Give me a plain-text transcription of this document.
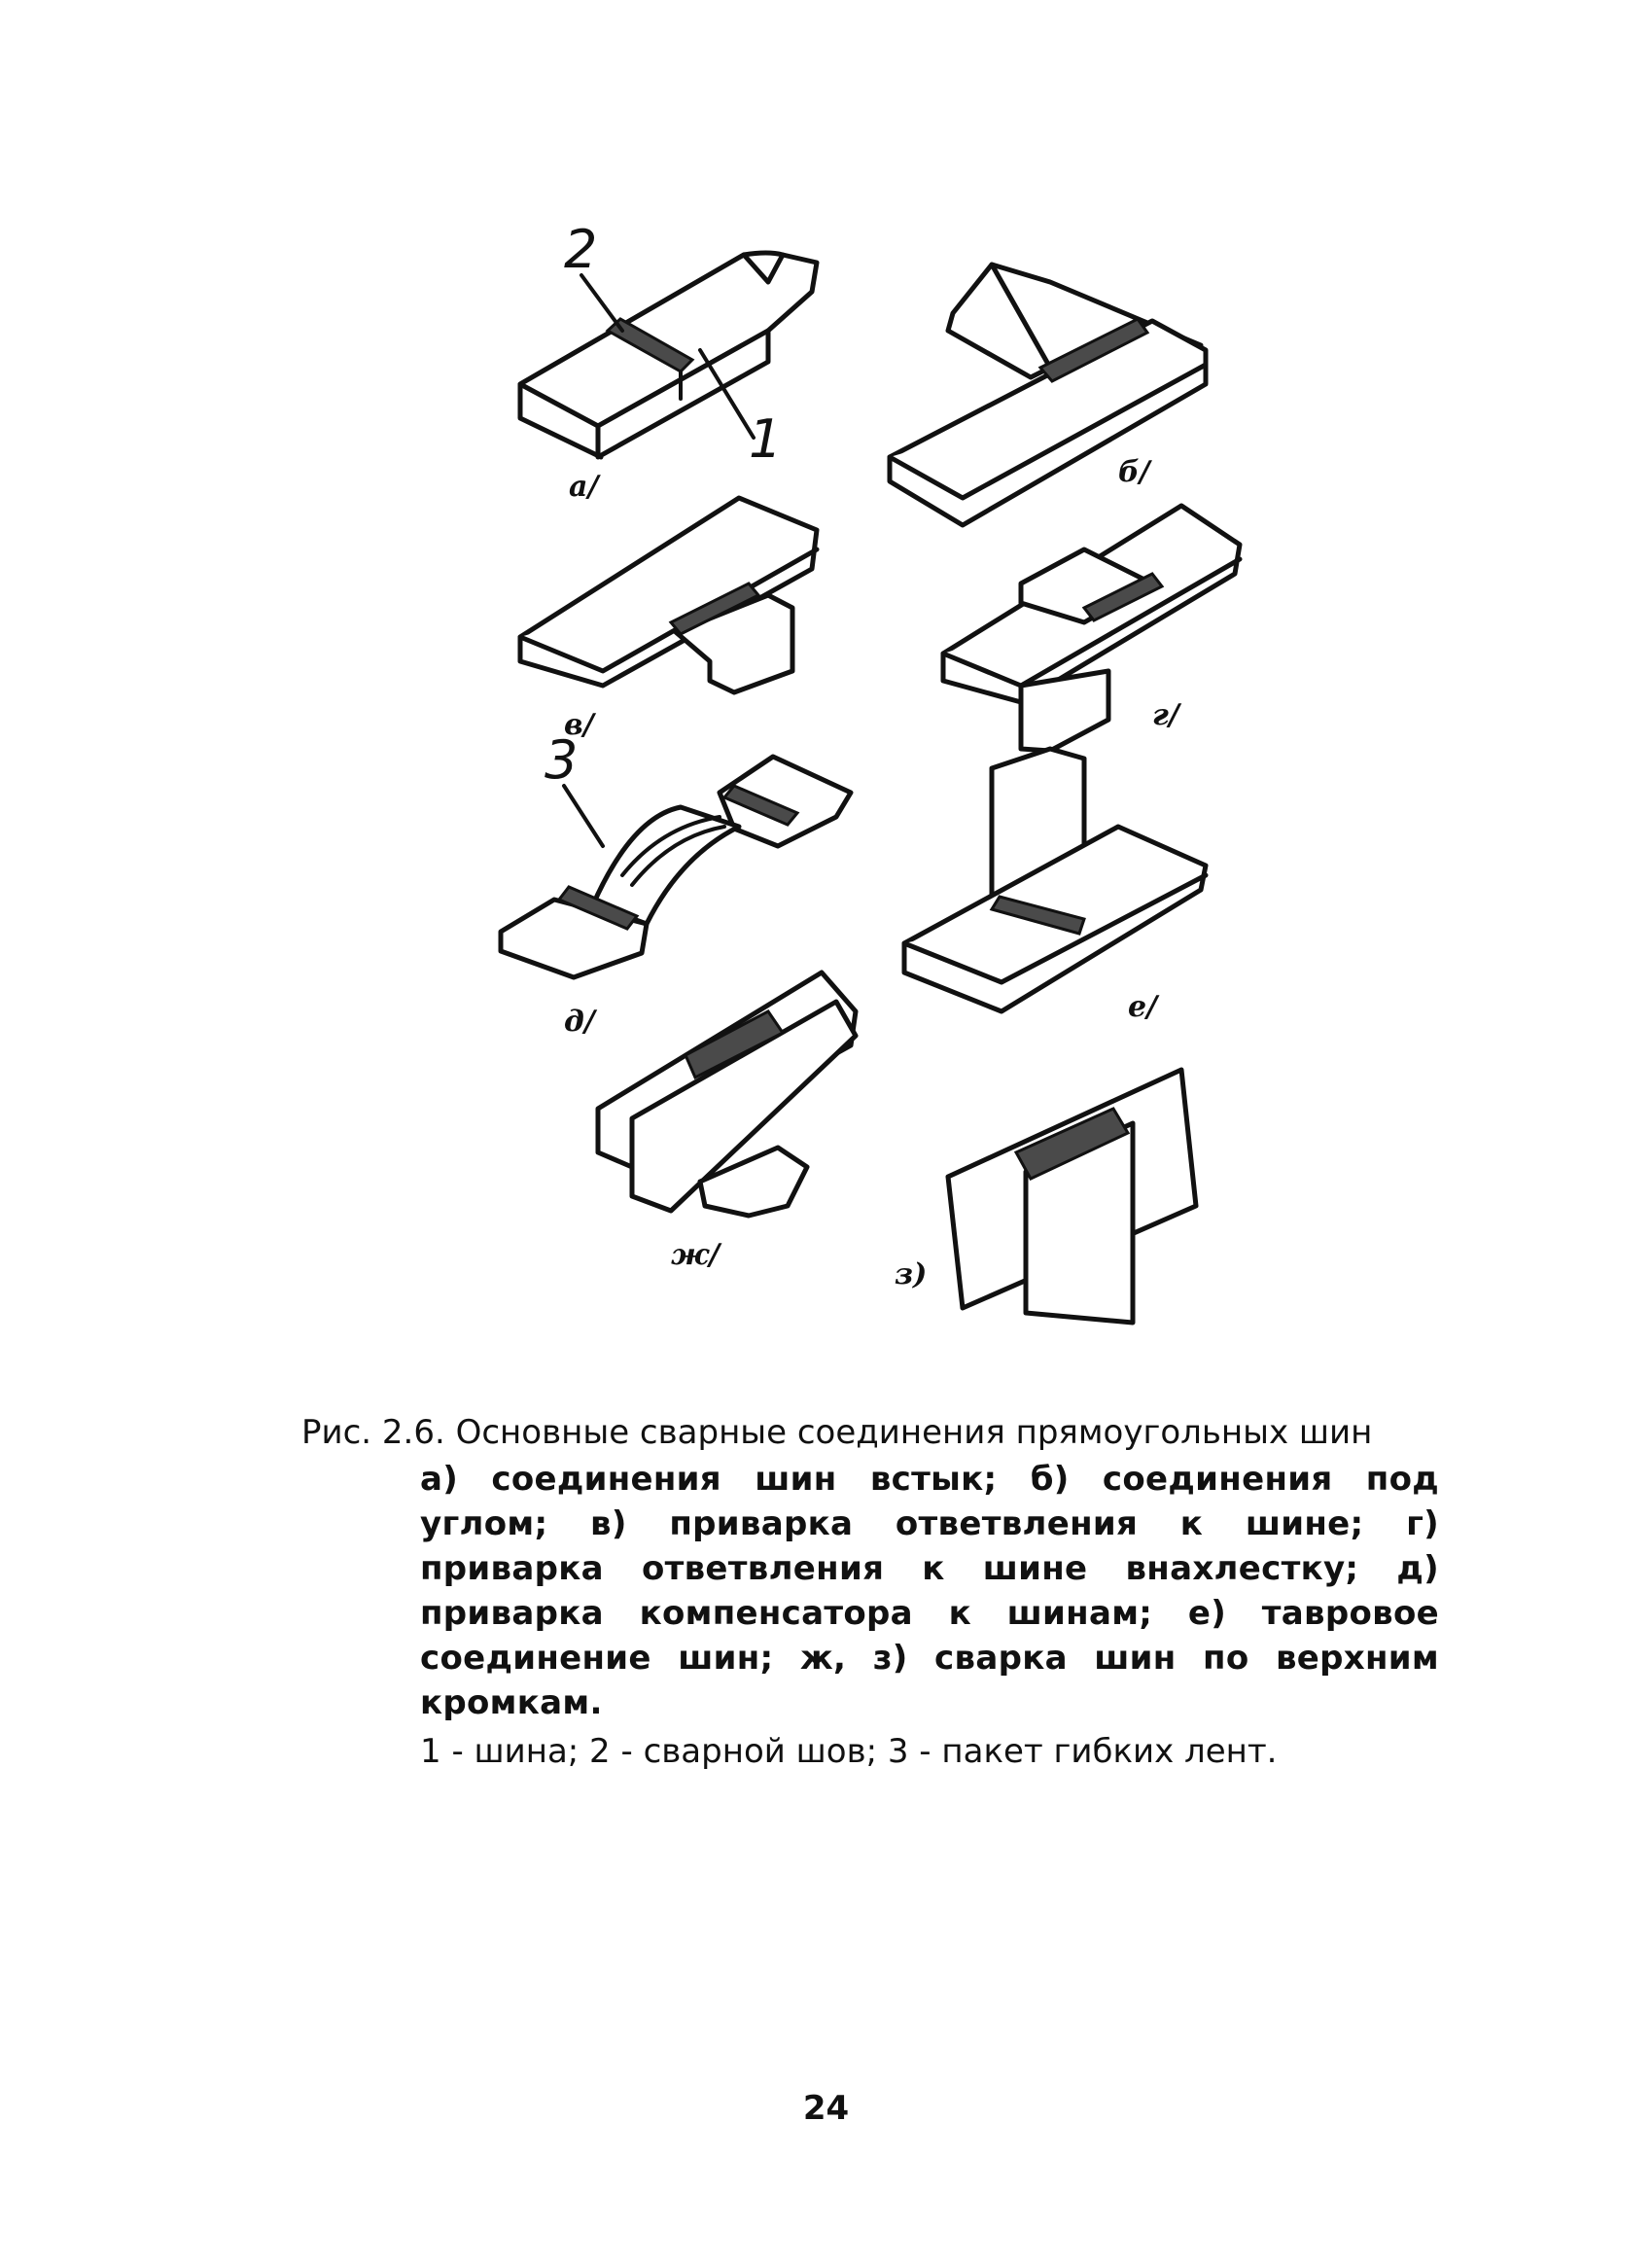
2
1
а/	б/
в/	г/
3
д/	е/
ж/
з)

Рис. 2.6. Основные сварные соединения прямоугольных шин

а) соединения шин встык; б) соединения под углом; в) приварка ответвления к шине; г) приварка ответвления к шине внахлестку; д) приварка компенсатора к шинам; е) тавровое соединение шин; ж, з) сварка шин по верхним кромкам.

1 - шина; 2 - сварной шов; 3 - пакет гибких лент.

24
